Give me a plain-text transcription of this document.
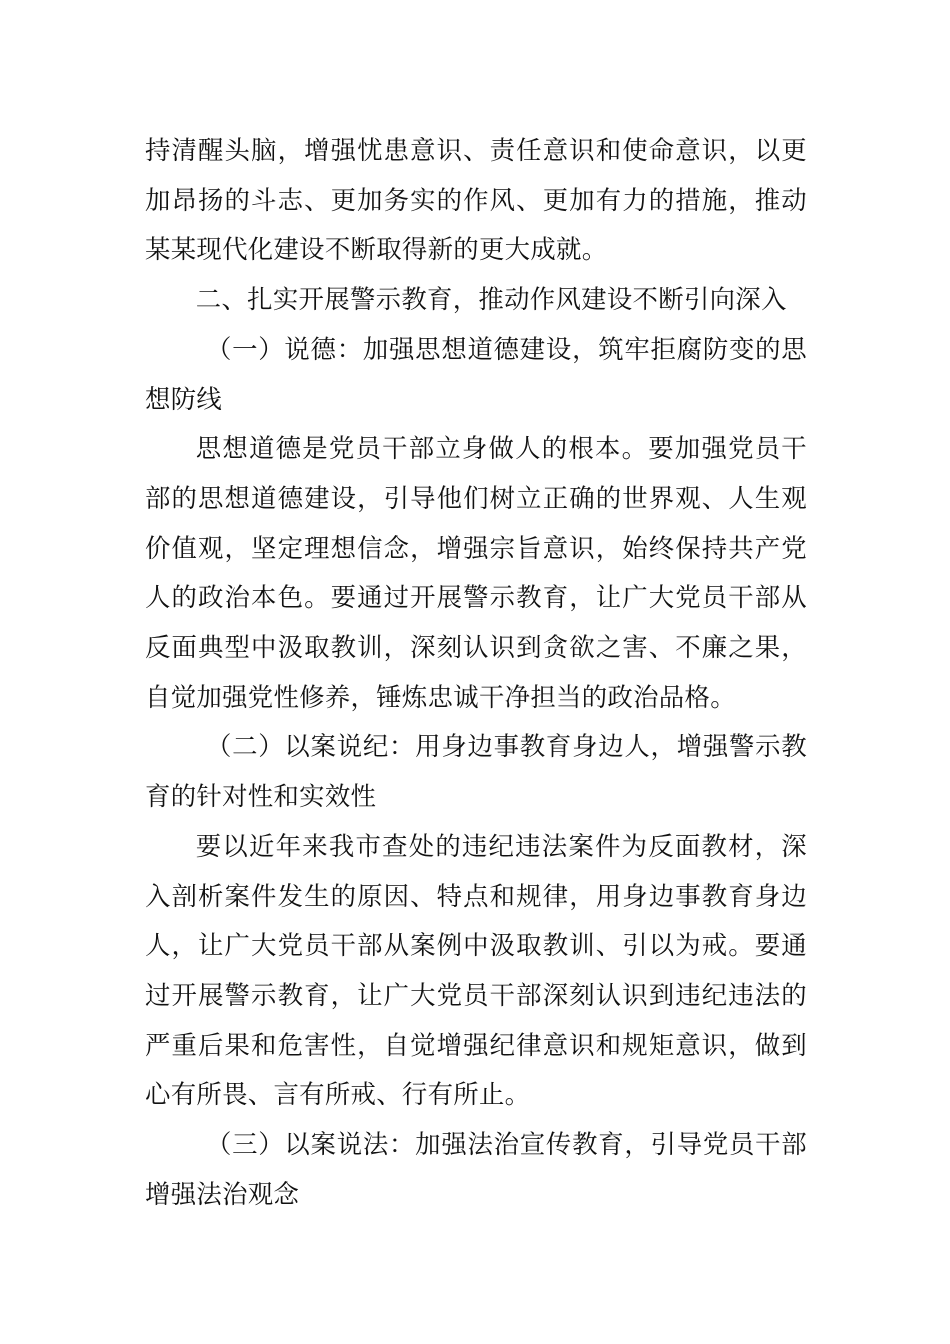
持清醒头脑，增强忧患意识、责任意识和使命意识，以更加昂扬的斗志、更加务实的作风、更加有力的措施，推动某某现代化建设不断取得新的更大成就。

二、扎实开展警示教育，推动作风建设不断引向深入

（一）说德：加强思想道德建设，筑牢拒腐防变的思想防线

思想道德是党员干部立身做人的根本。要加强党员干部的思想道德建设，引导他们树立正确的世界观、人生观价值观，坚定理想信念，增强宗旨意识，始终保持共产党人的政治本色。要通过开展警示教育，让广大党员干部从反面典型中汲取教训，深刻认识到贪欲之害、不廉之果，自觉加强党性修养，锤炼忠诚干净担当的政治品格。

（二）以案说纪：用身边事教育身边人，增强警示教育的针对性和实效性

要以近年来我市查处的违纪违法案件为反面教材，深入剖析案件发生的原因、特点和规律，用身边事教育身边人，让广大党员干部从案例中汲取教训、引以为戒。要通过开展警示教育，让广大党员干部深刻认识到违纪违法的严重后果和危害性，自觉增强纪律意识和规矩意识，做到心有所畏、言有所戒、行有所止。

（三）以案说法：加强法治宣传教育，引导党员干部增强法治观念
